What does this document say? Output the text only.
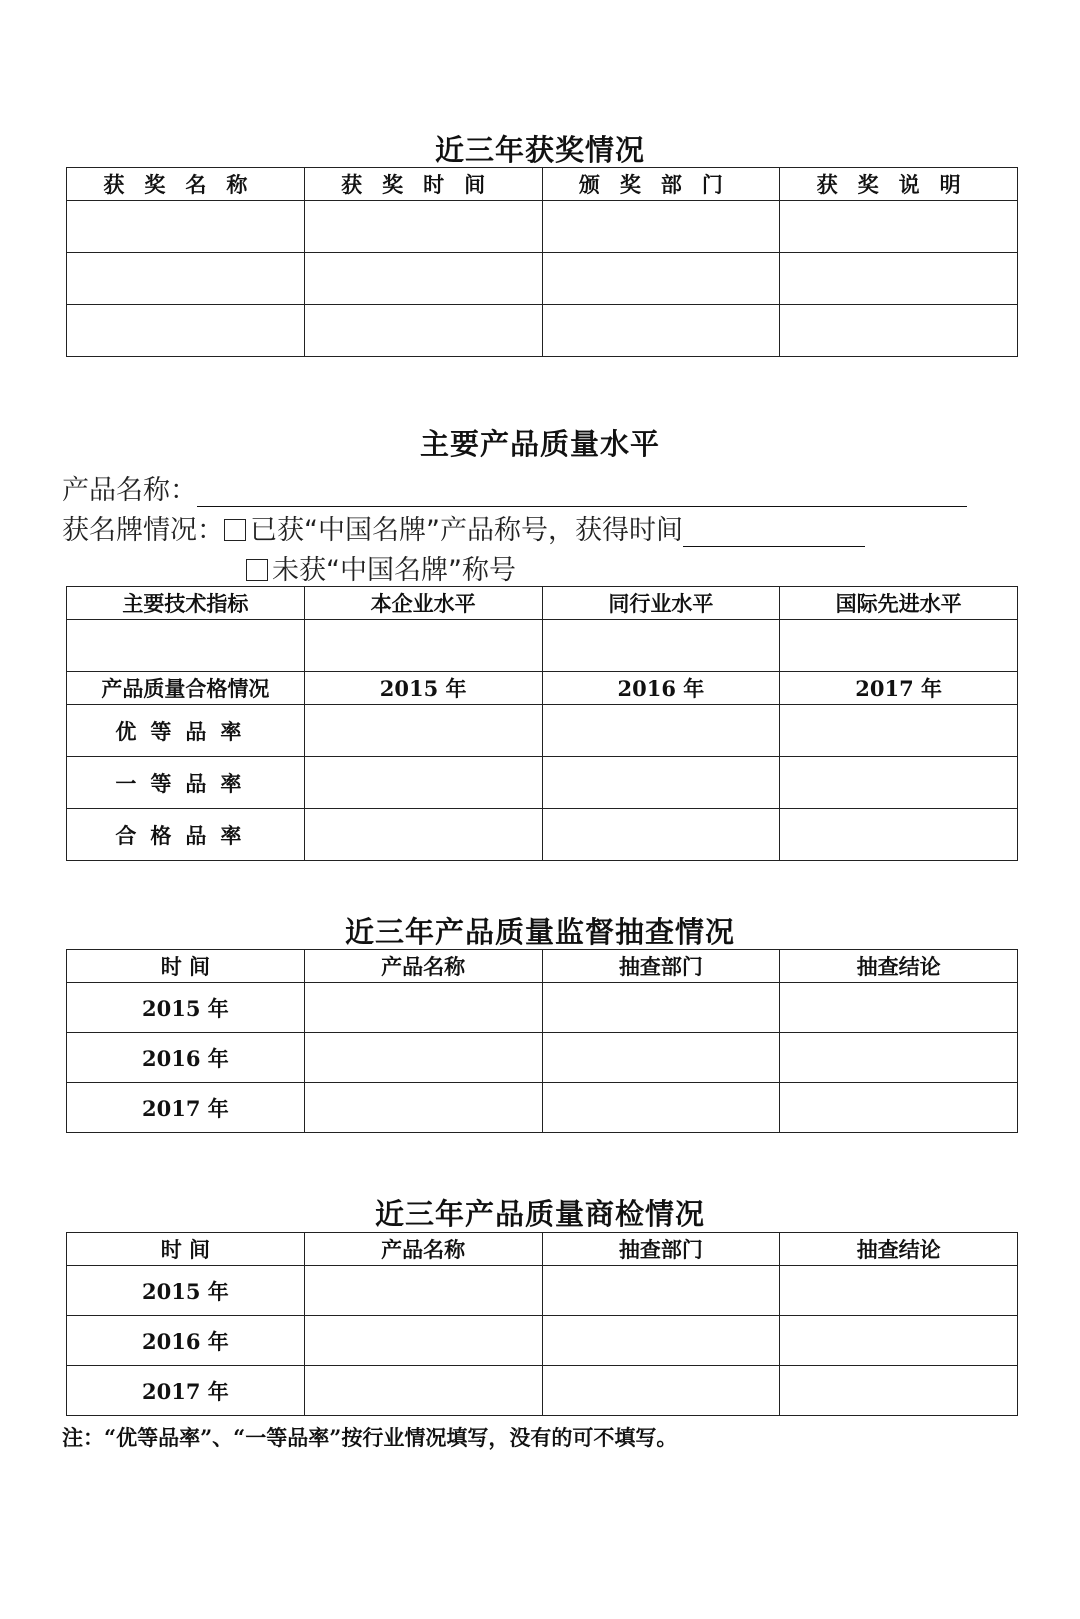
近三年获奖情况
获奖名称	获奖时间	颁奖部门	获奖说明

主要产品质量水平
产品名称：
获名牌情况： 已获“中国名牌”产品称号，获得时间
未获“中国名牌”称号
主要技术指标	本企业水平	同行业水平	国际先进水平

产品质量合格情况	2015 年	2016 年	2017 年
优等品率			
一等品率			
合格品率			
近三年产品质量监督抽查情况
时 间	产品名称	抽查部门	抽查结论
2015 年			
2016 年			
2017 年			
近三年产品质量商检情况
时 间	产品名称	抽查部门	抽查结论
2015 年			
2016 年			
2017 年			
注：“优等品率”、“一等品率”按行业情况填写，没有的可不填写。
